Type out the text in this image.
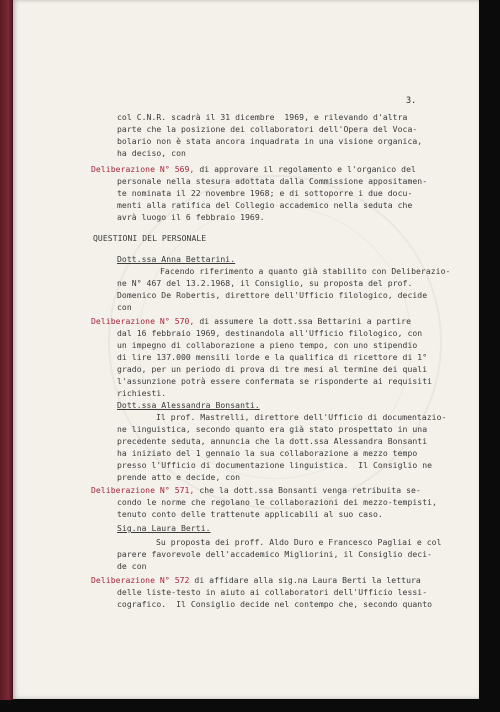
3.
col C.N.R. scadrà il 31 dicembre  1969, e rilevando d'altra
parte che la posizione dei collaboratori dell'Opera del Voca-
bolario non è stata ancora inquadrata in una visione organica,
ha deciso, con
Deliberazione N° 569, di approvare il regolamento e l'organico del
personale nella stesura adottata dalla Commissione appositamen-
te nominata il 22 novembre 1968; e di sottoporre i due docu-
menti alla ratifica del Collegio accademico nella seduta che
avrà luogo il 6 febbraio 1969.
QUESTIONI DEL PERSONALE
Dott.ssa Anna Bettarini.
Facendo riferimento a quanto già stabilito con Deliberazio-
ne N° 467 del 13.2.1968, il Consiglio, su proposta del prof.
Domenico De Robertis, direttore dell'Ufficio filologico, decide
con
Deliberazione N° 570, di assumere la dott.ssa Bettarini a partire
dal 16 febbraio 1969, destinandola all'Ufficio filologico, con
un impegno di collaborazione a pieno tempo, con uno stipendio
di lire 137.000 mensili lorde e la qualifica di ricettore di 1°
grado, per un periodo di prova di tre mesi al termine dei quali
l'assunzione potrà essere confermata se risponderte ai requisiti
richiesti.
Dott.ssa Alessandra Bonsanti.
Il prof. Mastrelli, direttore dell'Ufficio di documentazio-
ne linguistica, secondo quanto era già stato prospettato in una
precedente seduta, annuncia che la dott.ssa Alessandra Bonsanti
ha iniziato del 1 gennaio la sua collaborazione a mezzo tempo
presso l'Ufficio di documentazione linguistica.  Il Consiglio ne
prende atto e decide, con
Deliberazione N° 571, che la dott.ssa Bonsanti venga retribuita se-
condo le norme che regolano le collaborazioni dei mezzo-tempisti,
tenuto conto delle trattenute applicabili al suo caso.
Sig.na Laura Berti.
Su proposta dei proff. Aldo Duro e Francesco Pagliai e col
parere favorevole dell'accademico Migliorini, il Consiglio deci-
de con
Deliberazione N° 572 di affidare alla sig.na Laura Berti la lettura
delle liste-testo in aiuto ai collaboratori dell'Ufficio lessi-
cografico.  Il Consiglio decide nel contempo che, secondo quanto
